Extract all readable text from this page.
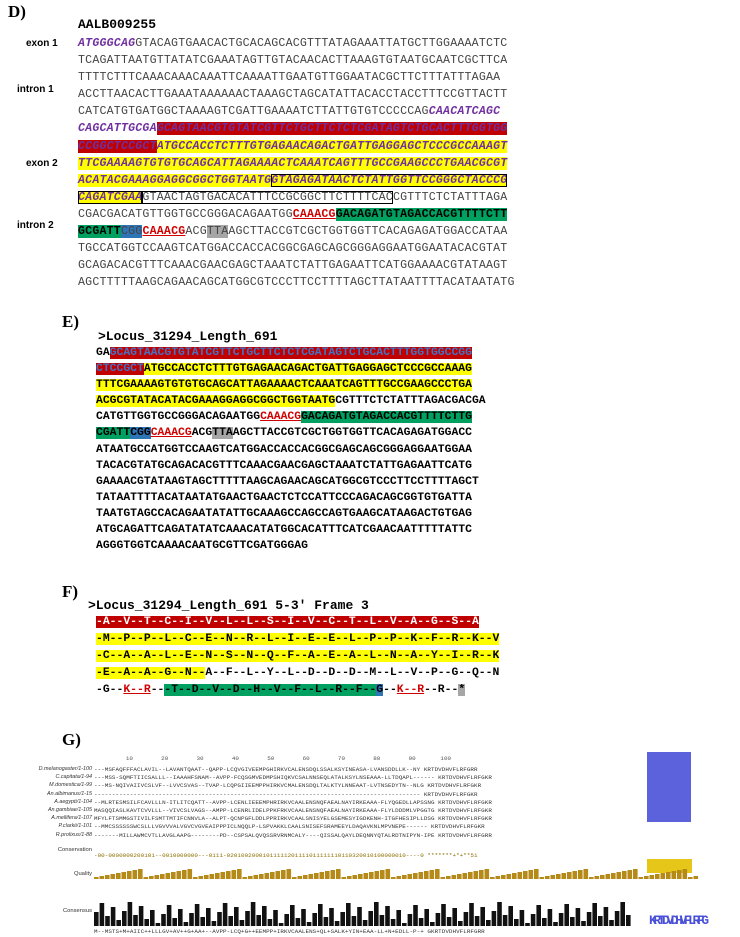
D)
AALB009255
exon 1
intron 1
exon 2
intron 2
ATGGGCAGGTACAGTGAACACTGCACAGCACGTTTATAGAAATTATGCTTGGAAAATCTC
TCAGATTAATGTTATATCGAAATAGTTGTACAACACTTAAAGTGTAATGCAATCGCTTCA
TTTTCTTTCAAACAAACAAATTCAAAATTGAATGTTGGAATACGCTTCTTTATTTAGAA
ACCTTAACACTTGAAATAAAAAACTAAAGCTAGCATATTACACCTACCTTTCCGTTACTT
CATCATGTGATGGCTAAAAGTCGATTGAAAATCTTATTGTGTCCCCCAGCAACATCAGC
CAGCATTGCGAGCAGTAACGTGTATCGTTCTGCTTCTCTCGATAGTCTGCACTTTGGTGG
CCGGCTCCGCTATGCCACCTCTTTGTGAGAACAGACTGATTGAGGAGCTCCCGCCAAAGT
TTCGAAAAGTGTGTGCAGCATTAGAAAACTCAAATCAGTTTGCCGAAGCCCTGAACGCGT
ACATACGAAAGGAGGCGGCTGGTAATGGTAGAGATAACTCTATTGGTTCCGGGCTACCCG
CAGATCGAAGTAACTAGTGACACATTTCCGCGGCTTCTTTTCACCGTTTCTCTATTTAGA
CGACGACATGTTGGTGCCGGGACAGAATGGCAAACGGACAGATGTAGACCACGTTTTCTT
GCGATTCGGCAAACGACGTTAAGCTTACCGTCGCTGGTGGTTCACAGAGATGGACCATAA
TGCCATGGTCCAAGTCATGGACCACCACGGCGAGCAGCGGGAGGAATGGAATACACGTAT
GCAGACACGTTTCAAACGAACGAGCTAAATCTATTGAGAATTCATGGAAAACGTATAAGT
AGCTTTTTAAGCAGAACAGCATGGCGTCCCTTCCTTTTAGCTTATAATTTTACATAATATG
E)
>Locus_31294_Length_691
GAGCAGTAACGTGTATCGTTCTGCTTCTCTCGATAGTCTGCACTTTGGTGGCCGG
CTCCGCTATGCCACCTCTTTGTGAGAACAGACTGATTGAGGAGCTCCCGCCAAAG
TTTCGAAAAGTGTGTGCAGCATTAGAAAACTCAAATCAGTTTGCCGAAGCCCTGA
ACGCGTATACATACGAAAGGAGGCGGCTGGTAATGCGTTTCTCTATTTAGACGACGA
CATGTTGGTGCCGGGACAGAATGGCAAACGGACAGATGTAGACCACGTTTTCTTG
CGATTCGGCAAACGACGTTAAGCTTACCGTCGCTGGTGGTTCACAGAGATGGACC
ATAATGCCATGGTCCAAGTCATGGACCACCACGGCGAGCAGCGGGAGGAATGGAA
TACACGTATGCAGACACGTTTCAAACGAACGAGCTAAATCTATTGAGAATTCATG
GAAAACGTATAAGTAGCTTTTTAAGCAGAACAGCATGGCGTCCCTTCCTTTTAGCT
TATAATTTTACATAATATGAACTGAACTCTCCATTCCCAGACAGCGGTGTGATTA
TAATGTAGCCACAGAATATATTGCAAAGCCAGCCAGTGAAGCATAAGACTGTGAG
ATGCAGATTCAGATATATCAAACATATGGCACATTTCATCGAACAATTTTTATTC
AGGGTGGTCAAAACAATGCGTTCGATGGGAG
F)
>Locus_31294_Length_691 5-3' Frame 3
-A--V--T--C--I--V--L--L--S--I--V--C--T--L--V--A--G--S--A
-M--P--P--L--C--E--N--R--L--I--E--E--L--P--P--K--F--R--K--V
-C--A--A--L--E--N--S--N--Q--F--A--E--A--L--N--A--Y--I--R--K
-E--A--A--G--N--A--F--L--Y--L--D--D--D--M--L--V--P--G--Q--N
-G--K--R---T--D--V--D--H--V--F--L--R--F--G--K--R--R--*
G)
10        20        30        40        50        60        70        80        90       100
D.melanogaster/1-100 ---MSFAQFFFACLAVIL--LAVANTQAAT--QAPP-LCQVGIVEEMPGHIRKVCALENSDQLSSALKSYINEASA-LVANSDDLLK--NY KRTDVDHVFLRFGRR
C.capitata/1-94 ---MSS-SQMFTIICSALLL--IAAAHFSNAM--AVPP-FCQSGMVEDMPSHIQKVCSALNNSEQLATALKSYLNSEAAA-LLTDQAPL------ KRTDVDHVFLRFGKR
M.domestica/1-99 ---MS-NQIVAIIVCSLVF--LVVCSVAS--TVAP-LCQPGIIEEMPPHIRKVCMALENSDQLTALKTYLNNEAAT-LVTNSEDYTN--NLG KRTDVDHVFLRFGKR
An.albimanus/1-15 ------------------------------------------------------------------------------------------- KRTDVDHVFLRFGKR
A.aegypti/1-104 --MLRTESMSILFCAVLLLN-ITLITCQATT--AVPP-LCENLIEEEMPHRIRKVCAALENSNQFAEALNAYIRKEAAA-FLYQGEDLLAPSSNG KRTDVDHVFLRFGKR
An.gambiae/1-105 MASQQIASLKAVTCVVLLL--VIVCSLVAGS--AMPP-LCENRLIDELPPKFRKVCAALENSNQFAEALNAYIRKEAAA-FLYLDDDMLVPGGTG KRTDVDHVFLRFGKR
A.mellifera/1-107 MFYLFTSMMGSTIVILFSMTTMTIFCNNVLA--ALPT-QCNPGFLDDLPPRIRKVCAALSNISYELGSEMESYIGDKENH-ITGFHESIPLLDSG KRTDVDHVFLRFGKR
P.clarkii/1-101 --MMCSSSSSSWCSLLLVGVVVALVGVCVGVEAIPPPICLNQQLP-LSPVAKKLCAALSNISEFSRAMEEYLDAQAVKNLMPVNEPE------ KRTDVDHVFLRFGKR
R.prolixus/1-88 -------MILLAWMCVTLLAVGLAAPG--------PD--CSPSALQVQSSRVRNMCALY----QISSALQAYLDEQNNYQTALRDTNIPYN-IPE KRTDVDHVFLRFGRR
Conservation
-00-0000000200101--0010000000---0111-02010020001011111201111011111110110320010100000010----0 *******+*+**51
Quality
Consensus
KRTDVDHVFLRFG
M--MSTS+M+AIIC++LLLGV+AV++G+AA+--AVPP-LCQ+G++EEMPP+IRKVCAALENS+QL+SALK+YIN+EAA-LL+N+EDLL-P-+ GKRTDVDHVFLRFGRR
